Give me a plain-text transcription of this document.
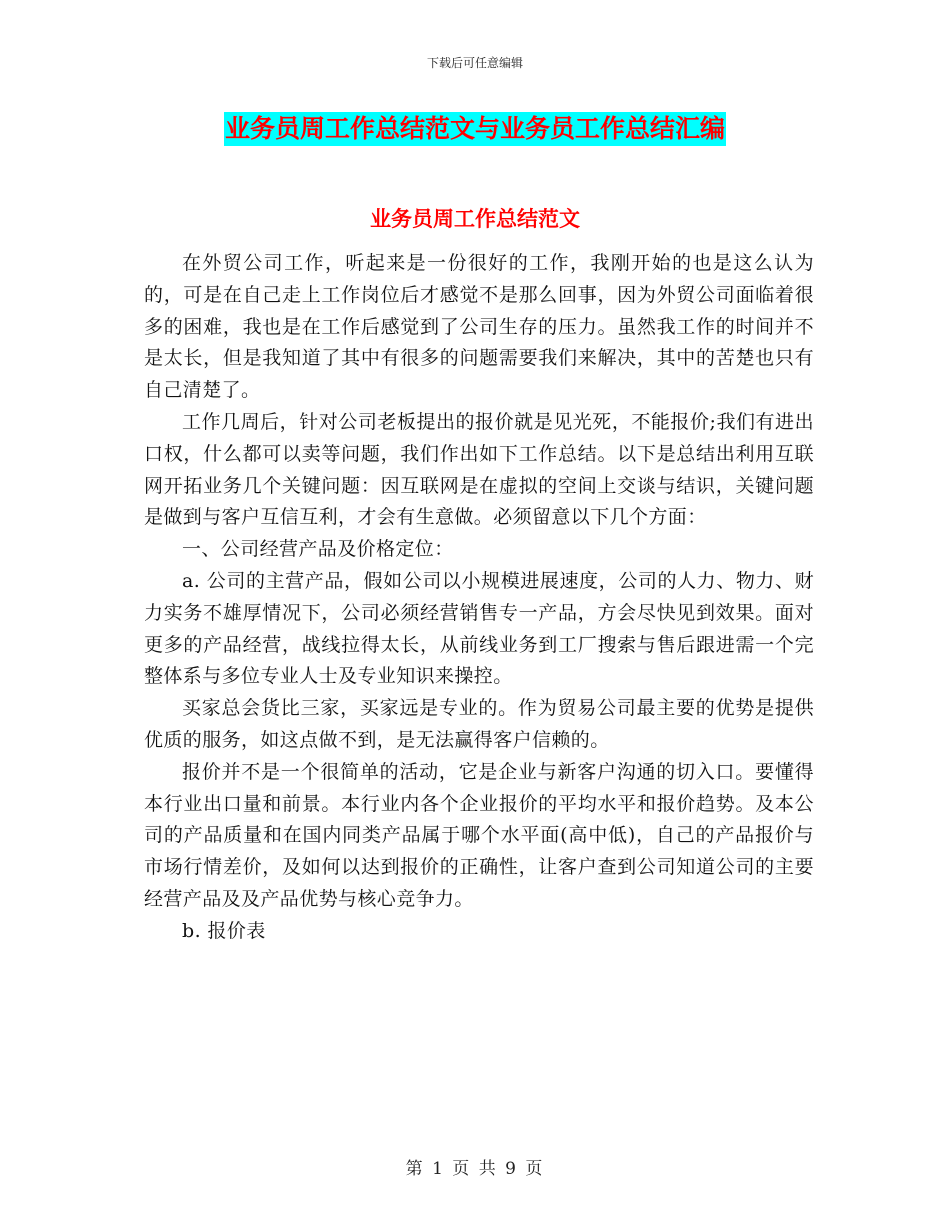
下载后可任意编辑
业务员周工作总结范文与业务员工作总结汇编
业务员周工作总结范文

在外贸公司工作，听起来是一份很好的工作，我刚开始的也是这么认为的，可是在自己走上工作岗位后才感觉不是那么回事，因为外贸公司面临着很多的困难，我也是在工作后感觉到了公司生存的压力。虽然我工作的时间并不是太长，但是我知道了其中有很多的问题需要我们来解决，其中的苦楚也只有自己清楚了。

工作几周后，针对公司老板提出的报价就是见光死，不能报价;我们有进出口权，什么都可以卖等问题，我们作出如下工作总结。以下是总结出利用互联网开拓业务几个关键问题：因互联网是在虚拟的空间上交谈与结识，关键问题是做到与客户互信互利，才会有生意做。必须留意以下几个方面：

一、公司经营产品及价格定位：

a. 公司的主营产品，假如公司以小规模进展速度，公司的人力、物力、财力实务不雄厚情况下，公司必须经营销售专一产品，方会尽快见到效果。面对更多的产品经营，战线拉得太长，从前线业务到工厂搜索与售后跟进需一个完整体系与多位专业人士及专业知识来操控。

买家总会货比三家，买家远是专业的。作为贸易公司最主要的优势是提供优质的服务，如这点做不到，是无法赢得客户信赖的。

报价并不是一个很简单的活动，它是企业与新客户沟通的切入口。要懂得本行业出口量和前景。本行业内各个企业报价的平均水平和报价趋势。及本公司的产品质量和在国内同类产品属于哪个水平面(高中低)，自己的产品报价与市场行情差价，及如何以达到报价的正确性，让客户查到公司知道公司的主要经营产品及及产品优势与核心竞争力。

b. 报价表

第 1 页 共 9 页
